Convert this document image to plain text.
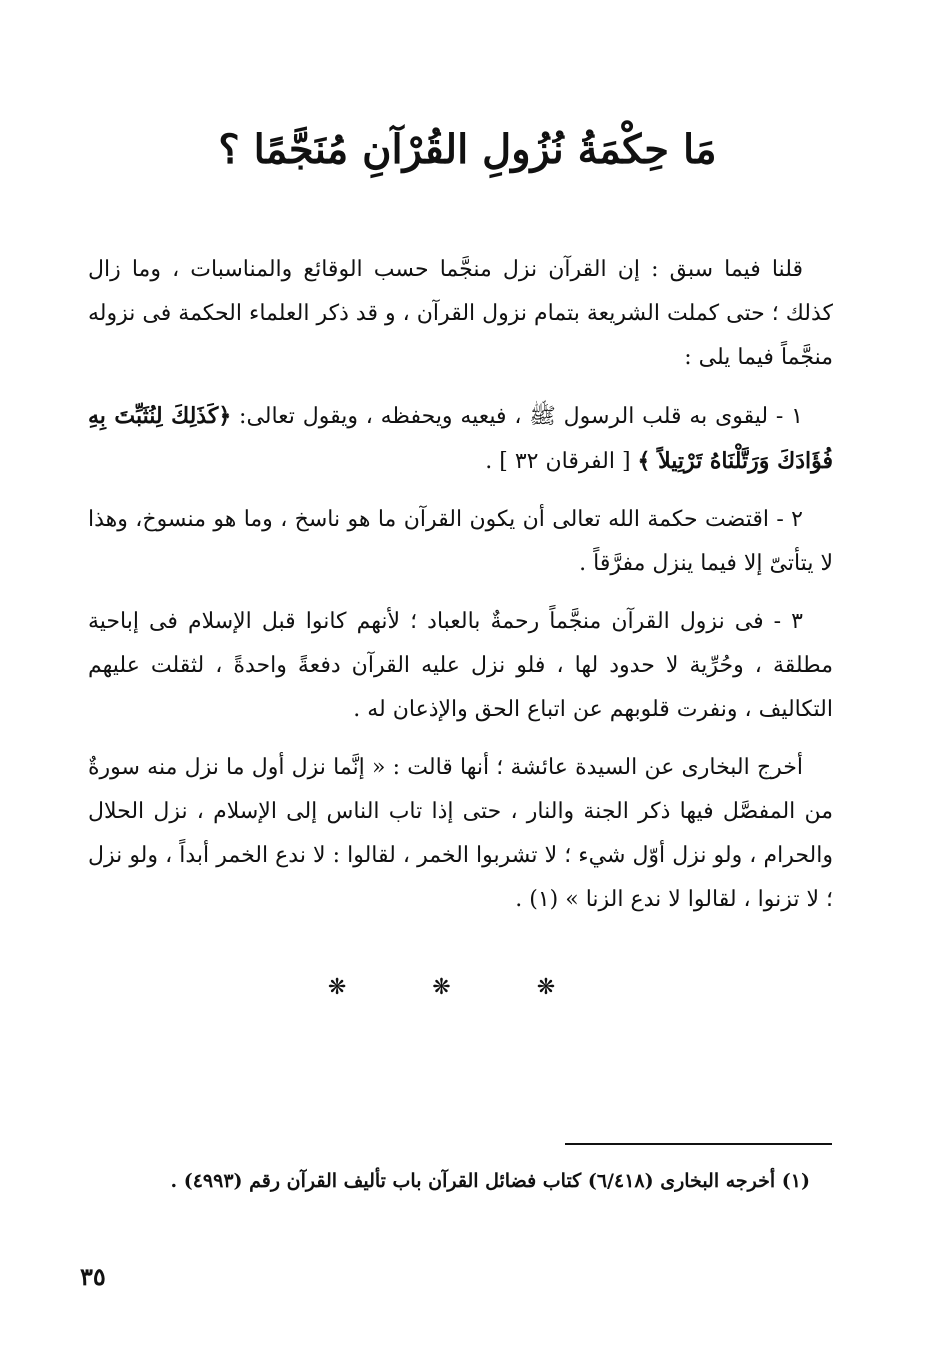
مَا حِكْمَةُ نُزُولِ القُرْآنِ مُنَجَّمًا ؟

قلنا فيما سبق : إن القرآن نزل منجَّما حسب الوقائع والمناسبات ، وما زال كذلك ؛ حتى كملت الشريعة بتمام نزول القرآن ، و قد ذكر العلماء الحكمة فى نزوله منجَّماً فيما يلى :

١ - ليقوى به قلب الرسول ﷺ ، فيعيه ويحفظه ، ويقول تعالى: ﴿كَذَلِكَ لِنُثَبِّتَ بِهِ فُؤَادَكَ وَرَتَّلْنَاهُ تَرْتِيلاً ﴾ [ الفرقان ٣٢ ] .

٢ - اقتضت حكمة الله تعالى أن يكون القرآن ما هو ناسخ ، وما هو منسوخ، وهذا لا يتأتىّ إلا فيما ينزل مفرَّقاً .

٣ - فى نزول القرآن منجَّماً رحمةٌ بالعباد ؛ لأنهم كانوا قبل الإسلام فى إباحية مطلقة ، وحُرِّية لا حدود لها ، فلو نزل عليه القرآن دفعةً واحدةً ، لثقلت عليهم التكاليف ، ونفرت قلوبهم عن اتباع الحق والإذعان له .

أخرج البخارى عن السيدة عائشة ؛ أنها قالت : « إنَّما نزل أول ما نزل منه سورةٌ من المفصَّل فيها ذكر الجنة والنار ، حتى إذا تاب الناس إلى الإسلام ، نزل الحلال والحرام ، ولو نزل أوّل شيء ؛ لا تشربوا الخمر ، لقالوا : لا ندع الخمر أبداً ، ولو نزل ؛ لا تزنوا ، لقالوا لا ندع الزنا » (١) .

❋ ❋ ❋
(١) أخرجه البخارى (٦/٤١٨) كتاب فضائل القرآن باب تأليف القرآن رقم (٤٩٩٣) .
٣٥
